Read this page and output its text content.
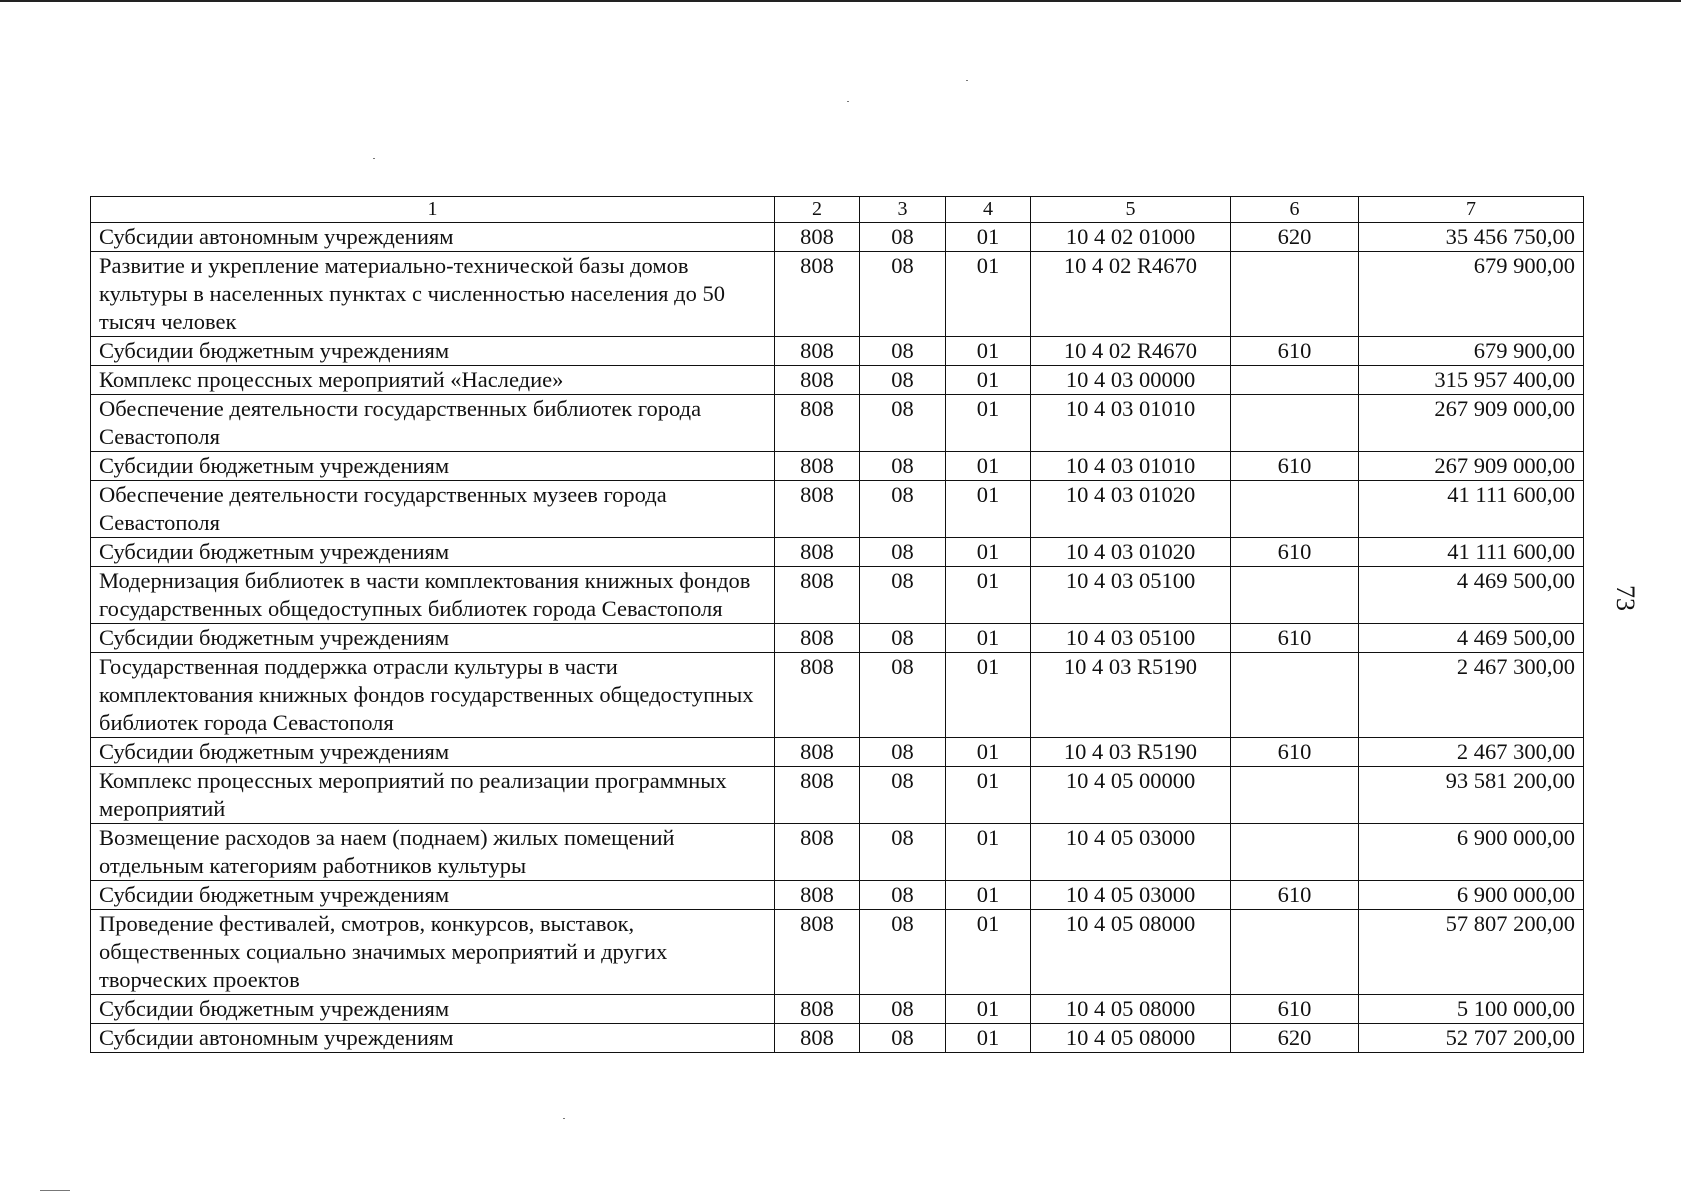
73
1	2	3	4	5	6	7
Субсидии автономным учреждениям	808	08	01	10 4 02 01000	620	35 456 750,00
Развитие и укрепление материально-технической базы домов культуры в населенных пунктах с численностью населения до 50 тысяч человек	808	08	01	10 4 02 R4670		679 900,00
Субсидии бюджетным учреждениям	808	08	01	10 4 02 R4670	610	679 900,00
Комплекс процессных мероприятий «Наследие»	808	08	01	10 4 03 00000		315 957 400,00
Обеспечение деятельности государственных библиотек города Севастополя	808	08	01	10 4 03 01010		267 909 000,00
Субсидии бюджетным учреждениям	808	08	01	10 4 03 01010	610	267 909 000,00
Обеспечение деятельности государственных музеев города Севастополя	808	08	01	10 4 03 01020		41 111 600,00
Субсидии бюджетным учреждениям	808	08	01	10 4 03 01020	610	41 111 600,00
Модернизация библиотек в части комплектования книжных фондов государственных общедоступных библиотек города Севастополя	808	08	01	10 4 03 05100		4 469 500,00
Субсидии бюджетным учреждениям	808	08	01	10 4 03 05100	610	4 469 500,00
Государственная поддержка отрасли культуры в части комплектования книжных фондов государственных общедоступных библиотек города Севастополя	808	08	01	10 4 03 R5190		2 467 300,00
Субсидии бюджетным учреждениям	808	08	01	10 4 03 R5190	610	2 467 300,00
Комплекс процессных мероприятий по реализации программных мероприятий	808	08	01	10 4 05 00000		93 581 200,00
Возмещение расходов за наем (поднаем) жилых помещений отдельным категориям работников культуры	808	08	01	10 4 05 03000		6 900 000,00
Субсидии бюджетным учреждениям	808	08	01	10 4 05 03000	610	6 900 000,00
Проведение фестивалей, смотров, конкурсов, выставок, общественных социально значимых мероприятий и других творческих проектов	808	08	01	10 4 05 08000		57 807 200,00
Субсидии бюджетным учреждениям	808	08	01	10 4 05 08000	610	5 100 000,00
Субсидии автономным учреждениям	808	08	01	10 4 05 08000	620	52 707 200,00
